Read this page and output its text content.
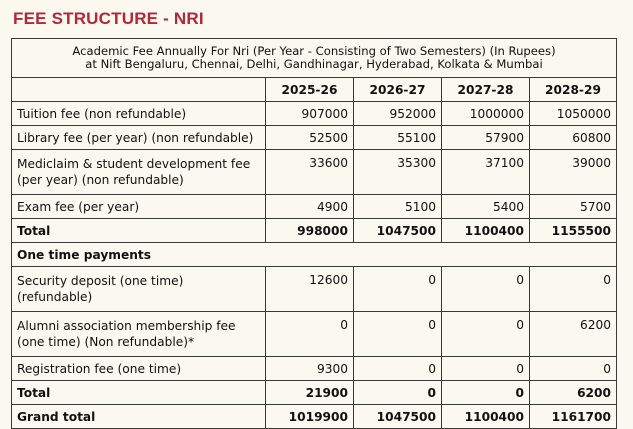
FEE STRUCTURE - NRI
Academic Fee Annually For Nri (Per Year - Consisting of Two Semesters) (In Rupees)
at Nift Bengaluru, Chennai, Delhi, Gandhinagar, Hyderabad, Kolkata & Mumbai				

	2025-26	2026-27	2027-28	2028-29
Tuition fee (non refundable)	907000	952000	1000000	1050000
Library fee (per year) (non refundable)	52500	55100	57900	60800

Mediclaim & student development fee
(per year) (non refundable)	33600	35300	37100	39000
Exam fee (per year)	4900	5100	5400	5700
Total	998000	1047500	1100400	1155500
One time payments				

Security deposit (one time)
(refundable)	12600	0	0	0

Alumni association membership fee
(one time) (Non refundable)*	0	0	0	6200
Registration fee (one time)	9300	0	0	0
Total	21900	0	0	6200
Grand total	1019900	1047500	1100400	1161700
